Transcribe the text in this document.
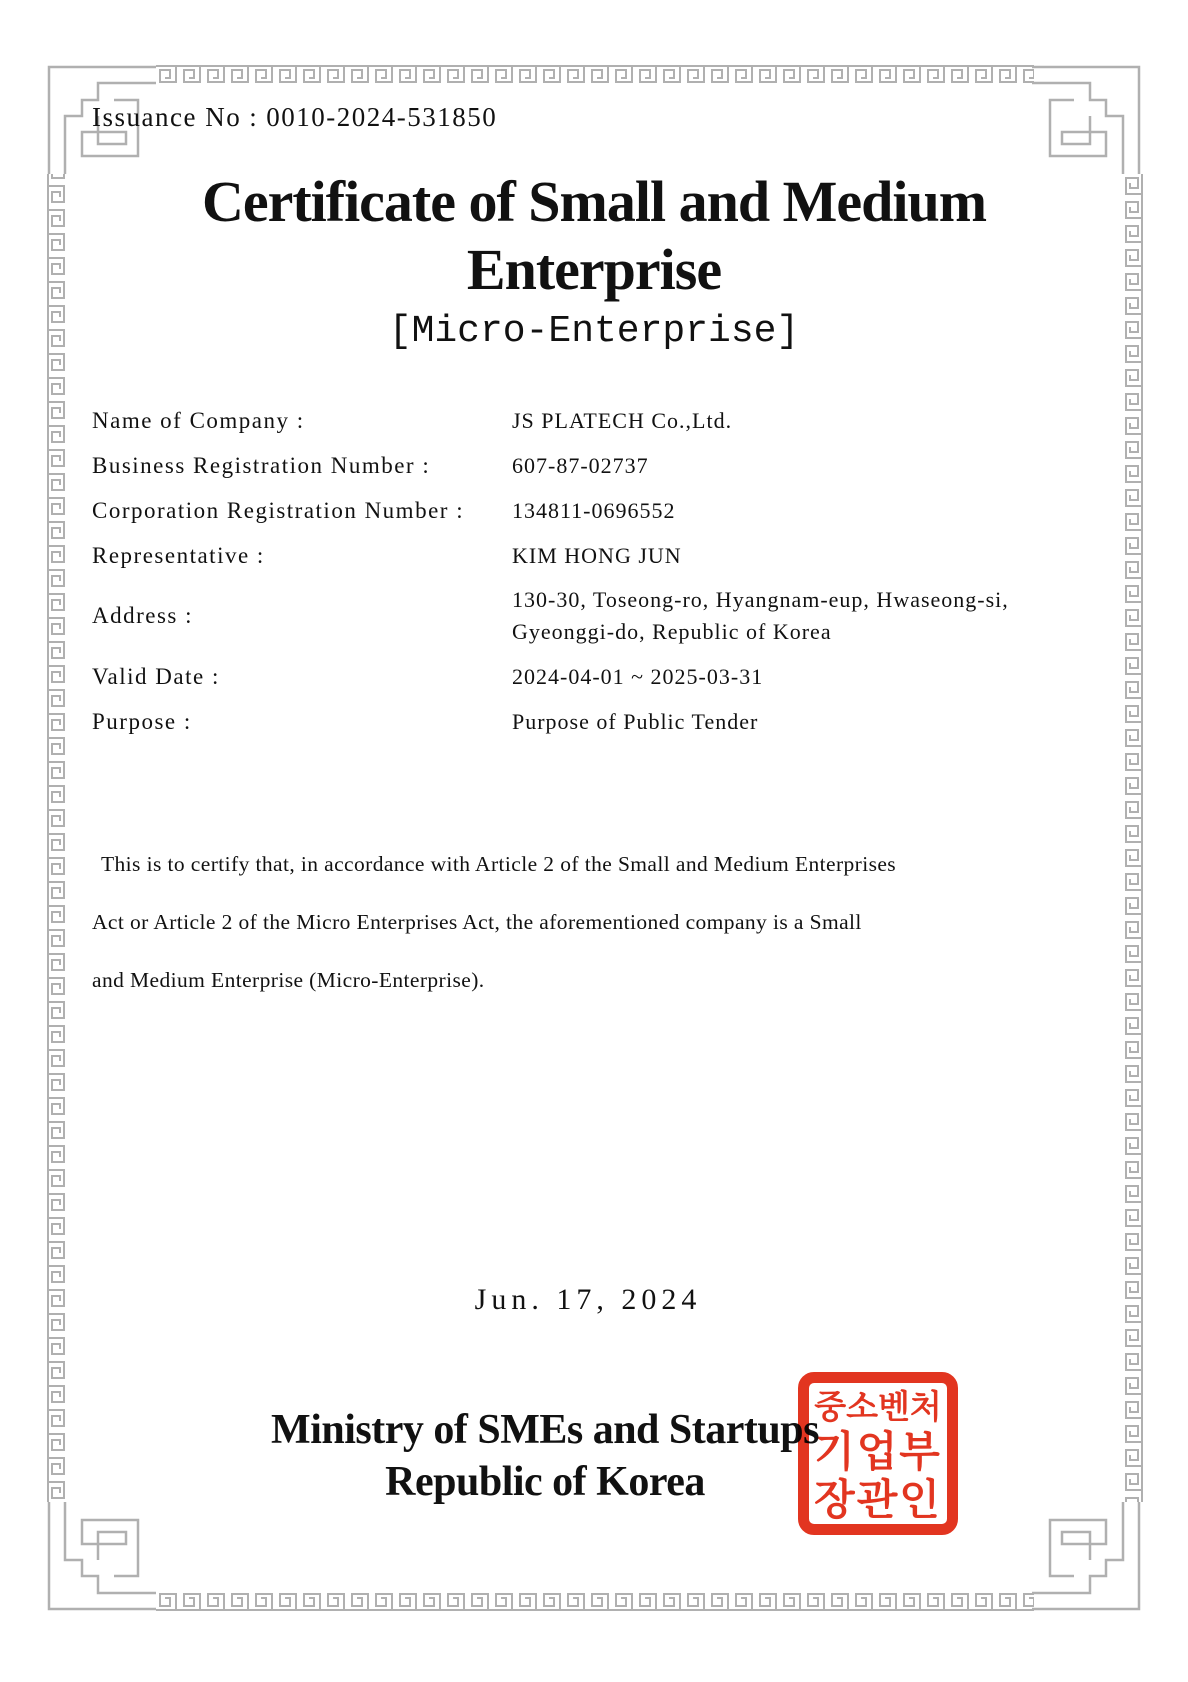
Issuance No : 0010-2024-531850
Certificate of Small and Medium
Enterprise
[Micro-Enterprise]
Name of Company :	JS PLATECH Co.,Ltd.
Business Registration Number :	607-87-02737
Corporation Registration Number :	134811-0696552
Representative :	KIM HONG JUN
Address :
130-30, Toseong-ro, Hyangnam-eup, Hwaseong-si,
Gyeonggi-do, Republic of Korea
Valid Date :	2024-04-01 ~ 2025-03-31
Purpose :	Purpose of Public Tender
This is to certify that, in accordance with Article 2 of the Small and Medium Enterprises
Act or Article 2 of the Micro Enterprises Act, the aforementioned company is a Small
and Medium Enterprise (Micro-Enterprise).
Jun. 17, 2024
Ministry of SMEs and Startups
Republic of Korea
중소벤처
기업부
장관인
